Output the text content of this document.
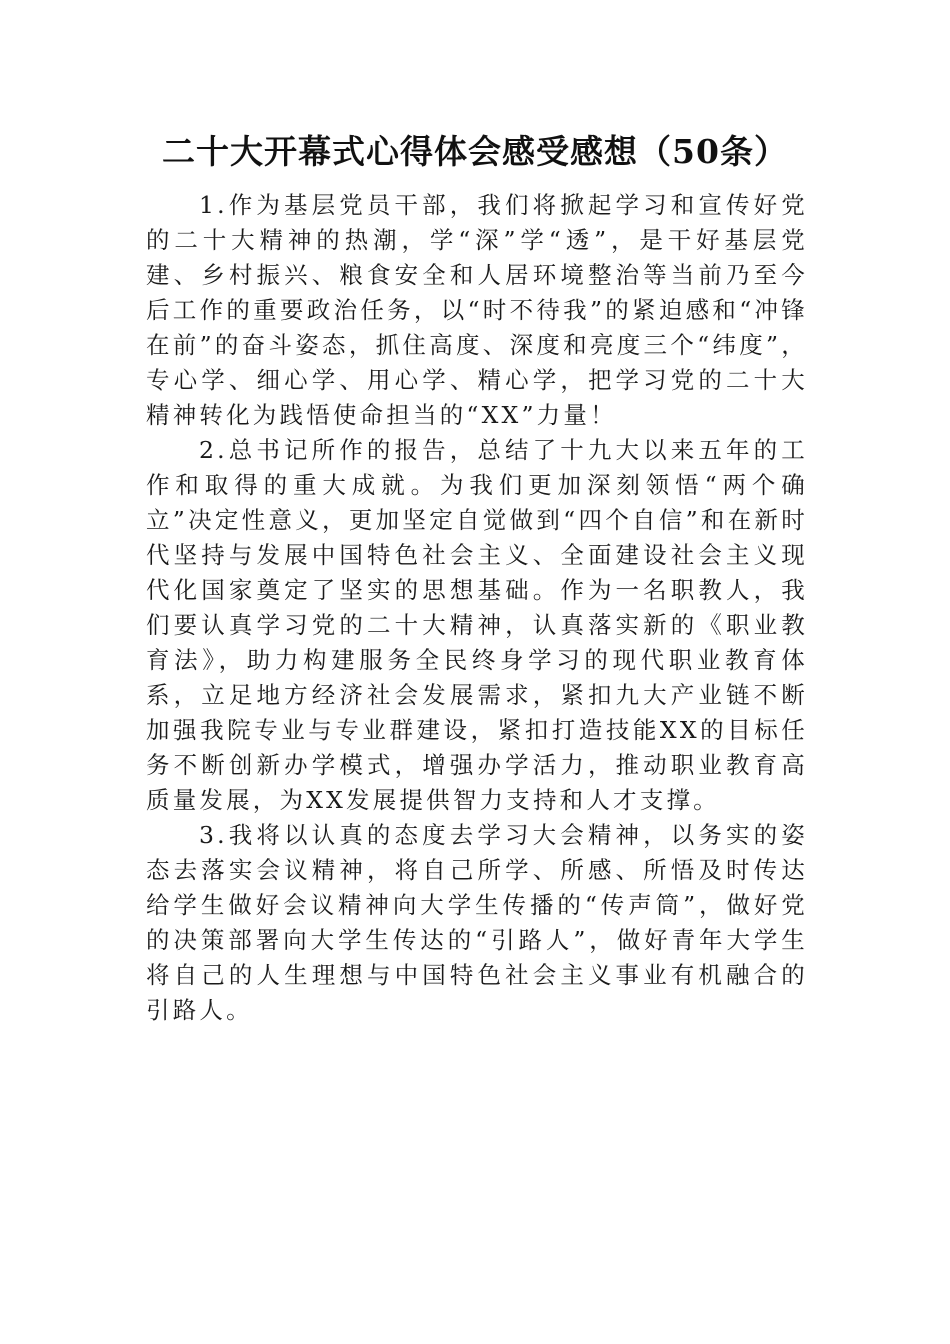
二十大开幕式心得体会感受感想（50条）

1.作为基层党员干部，我们将掀起学习和宣传好党的二十大精神的热潮，学“深”学“透”，是干好基层党建、乡村振兴、粮食安全和人居环境整治等当前乃至今后工作的重要政治任务，以“时不待我”的紧迫感和“冲锋在前”的奋斗姿态，抓住高度、深度和亮度三个“纬度”，专心学、细心学、用心学、精心学，把学习党的二十大精神转化为践悟使命担当的“XX”力量！

2.总书记所作的报告，总结了十九大以来五年的工作和取得的重大成就。为我们更加深刻领悟“两个确立”决定性意义，更加坚定自觉做到“四个自信”和在新时代坚持与发展中国特色社会主义、全面建设社会主义现代化国家奠定了坚实的思想基础。作为一名职教人，我们要认真学习党的二十大精神，认真落实新的《职业教育法》，助力构建服务全民终身学习的现代职业教育体系，立足地方经济社会发展需求，紧扣九大产业链不断加强我院专业与专业群建设，紧扣打造技能XX的目标任务不断创新办学模式，增强办学活力，推动职业教育高质量发展，为XX发展提供智力支持和人才支撑。

3.我将以认真的态度去学习大会精神，以务实的姿态去落实会议精神，将自己所学、所感、所悟及时传达给学生做好会议精神向大学生传播的“传声筒”，做好党的决策部署向大学生传达的“引路人”，做好青年大学生将自己的人生理想与中国特色社会主义事业有机融合的引路人。
